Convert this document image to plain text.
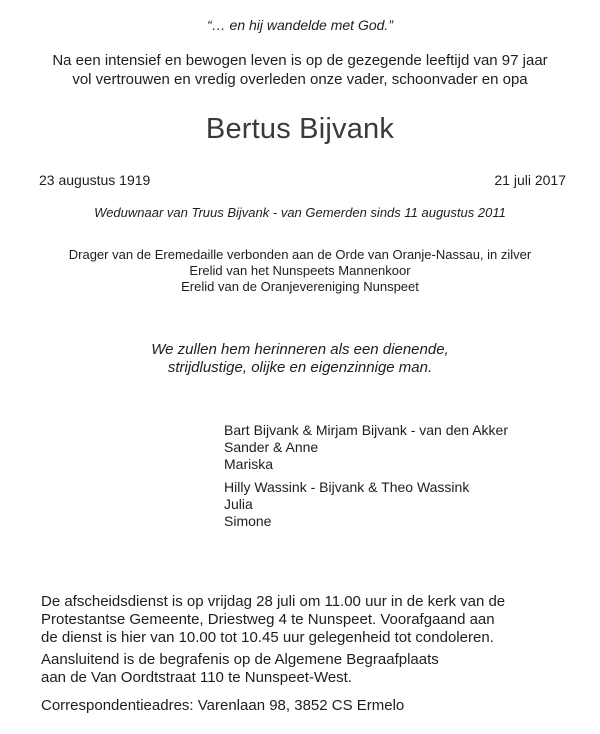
“… en hij wandelde met God.”

Na een intensief en bewogen leven is op de gezegende leeftijd van 97 jaar

vol vertrouwen en vredig overleden onze vader, schoonvader en opa

Bertus Bijvank

23 augustus 1919	21 juli 2017

Weduwnaar van Truus Bijvank - van Gemerden sinds 11 augustus 2011

Drager van de Eremedaille verbonden aan de Orde van Oranje-Nassau, in zilver

Erelid van het Nunspeets Mannenkoor

Erelid van de Oranjevereniging Nunspeet

We zullen hem herinneren als een dienende,

strijdlustige, olijke en eigenzinnige man.

Bart Bijvank & Mirjam Bijvank - van den Akker

Sander & Anne

Mariska

Hilly Wassink - Bijvank & Theo Wassink

Julia

Simone

De afscheidsdienst is op vrijdag 28 juli om 11.00 uur in de kerk van de

Protestantse Gemeente, Driestweg 4 te Nunspeet. Voorafgaand aan

de dienst is hier van 10.00 tot 10.45 uur gelegenheid tot condoleren.

Aansluitend is de begrafenis op de Algemene Begraafplaats

aan de Van Oordtstraat 110 te Nunspeet-West.

Correspondentieadres: Varenlaan 98, 3852 CS Ermelo
